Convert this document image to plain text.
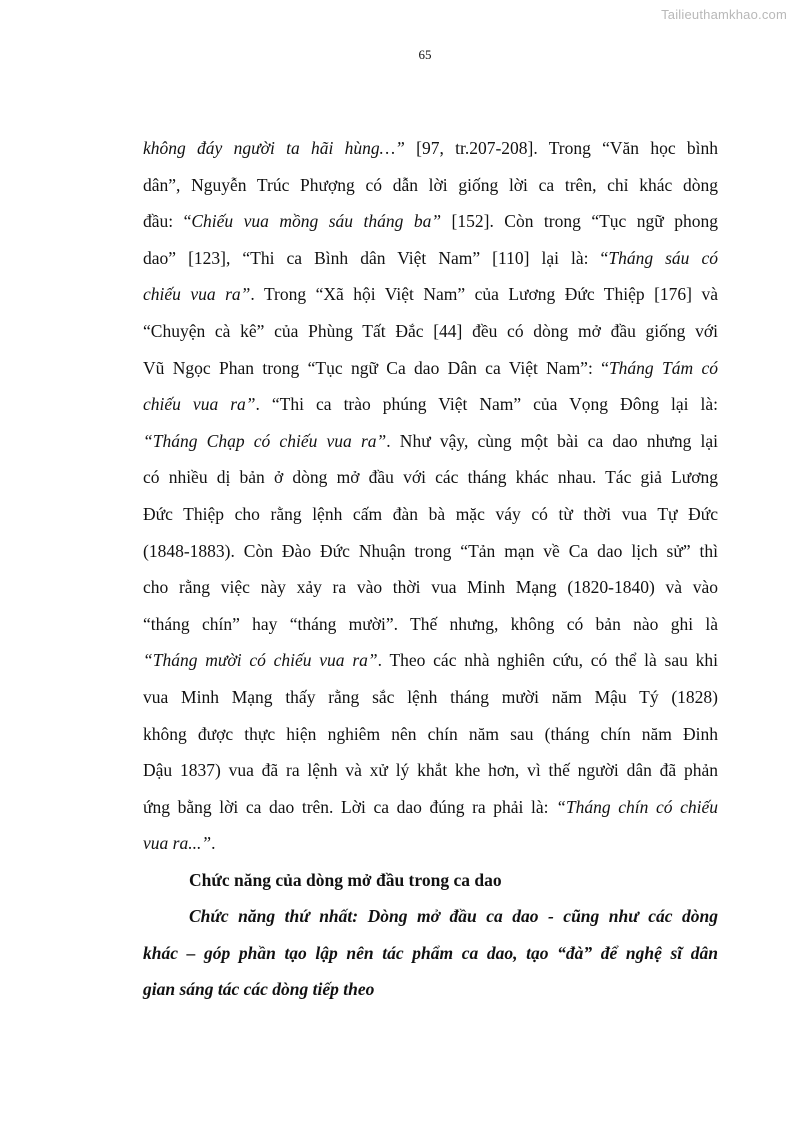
Tailieuthamkhao.com
65
không đáy người ta hãi hùng…” [97, tr.207-208]. Trong “Văn học bình
dân”, Nguyễn Trúc Phượng có dẫn lời giống lời ca trên, chỉ khác dòng
đầu: “Chiếu vua mồng sáu tháng ba” [152]. Còn trong “Tục ngữ phong
dao” [123], “Thi ca Bình dân Việt Nam” [110] lại là: “Tháng sáu có
chiếu vua ra”. Trong “Xã hội Việt Nam” của Lương Đức Thiệp [176] và
“Chuyện cà kê” của Phùng Tất Đắc [44] đều có dòng mở đầu giống với
Vũ Ngọc Phan trong “Tục ngữ Ca dao Dân ca Việt Nam”: “Tháng Tám có
chiếu vua ra”. “Thi ca trào phúng Việt Nam” của Vọng Đông lại là:
“Tháng Chạp có chiếu vua ra”. Như vậy, cùng một bài ca dao nhưng lại
có nhiều dị bản ở dòng mở đầu với các tháng khác nhau. Tác giả Lương
Đức Thiệp cho rằng lệnh cấm đàn bà mặc váy có từ thời vua Tự Đức
(1848-1883). Còn Đào Đức Nhuận trong “Tản mạn về Ca dao lịch sử” thì
cho rằng việc này xảy ra vào thời vua Minh Mạng (1820-1840) và vào
“tháng chín” hay “tháng mười”. Thế nhưng, không có bản nào ghi là
“Tháng mười có chiếu vua ra”. Theo các nhà nghiên cứu, có thể là sau khi
vua Minh Mạng thấy rằng sắc lệnh tháng mười năm Mậu Tý (1828)
không được thực hiện nghiêm nên chín năm sau (tháng chín năm Đinh
Dậu 1837) vua đã ra lệnh và xử lý khắt khe hơn, vì thế người dân đã phản
ứng bằng lời ca dao trên. Lời ca dao đúng ra phải là: “Tháng chín có chiếu
vua ra...”.

Chức năng của dòng mở đầu trong ca dao

Chức năng thứ nhất: Dòng mở đầu ca dao - cũng như các dòng
khác – góp phần tạo lập nên tác phẩm ca dao, tạo “đà” để nghệ sĩ dân
gian sáng tác các dòng tiếp theo
